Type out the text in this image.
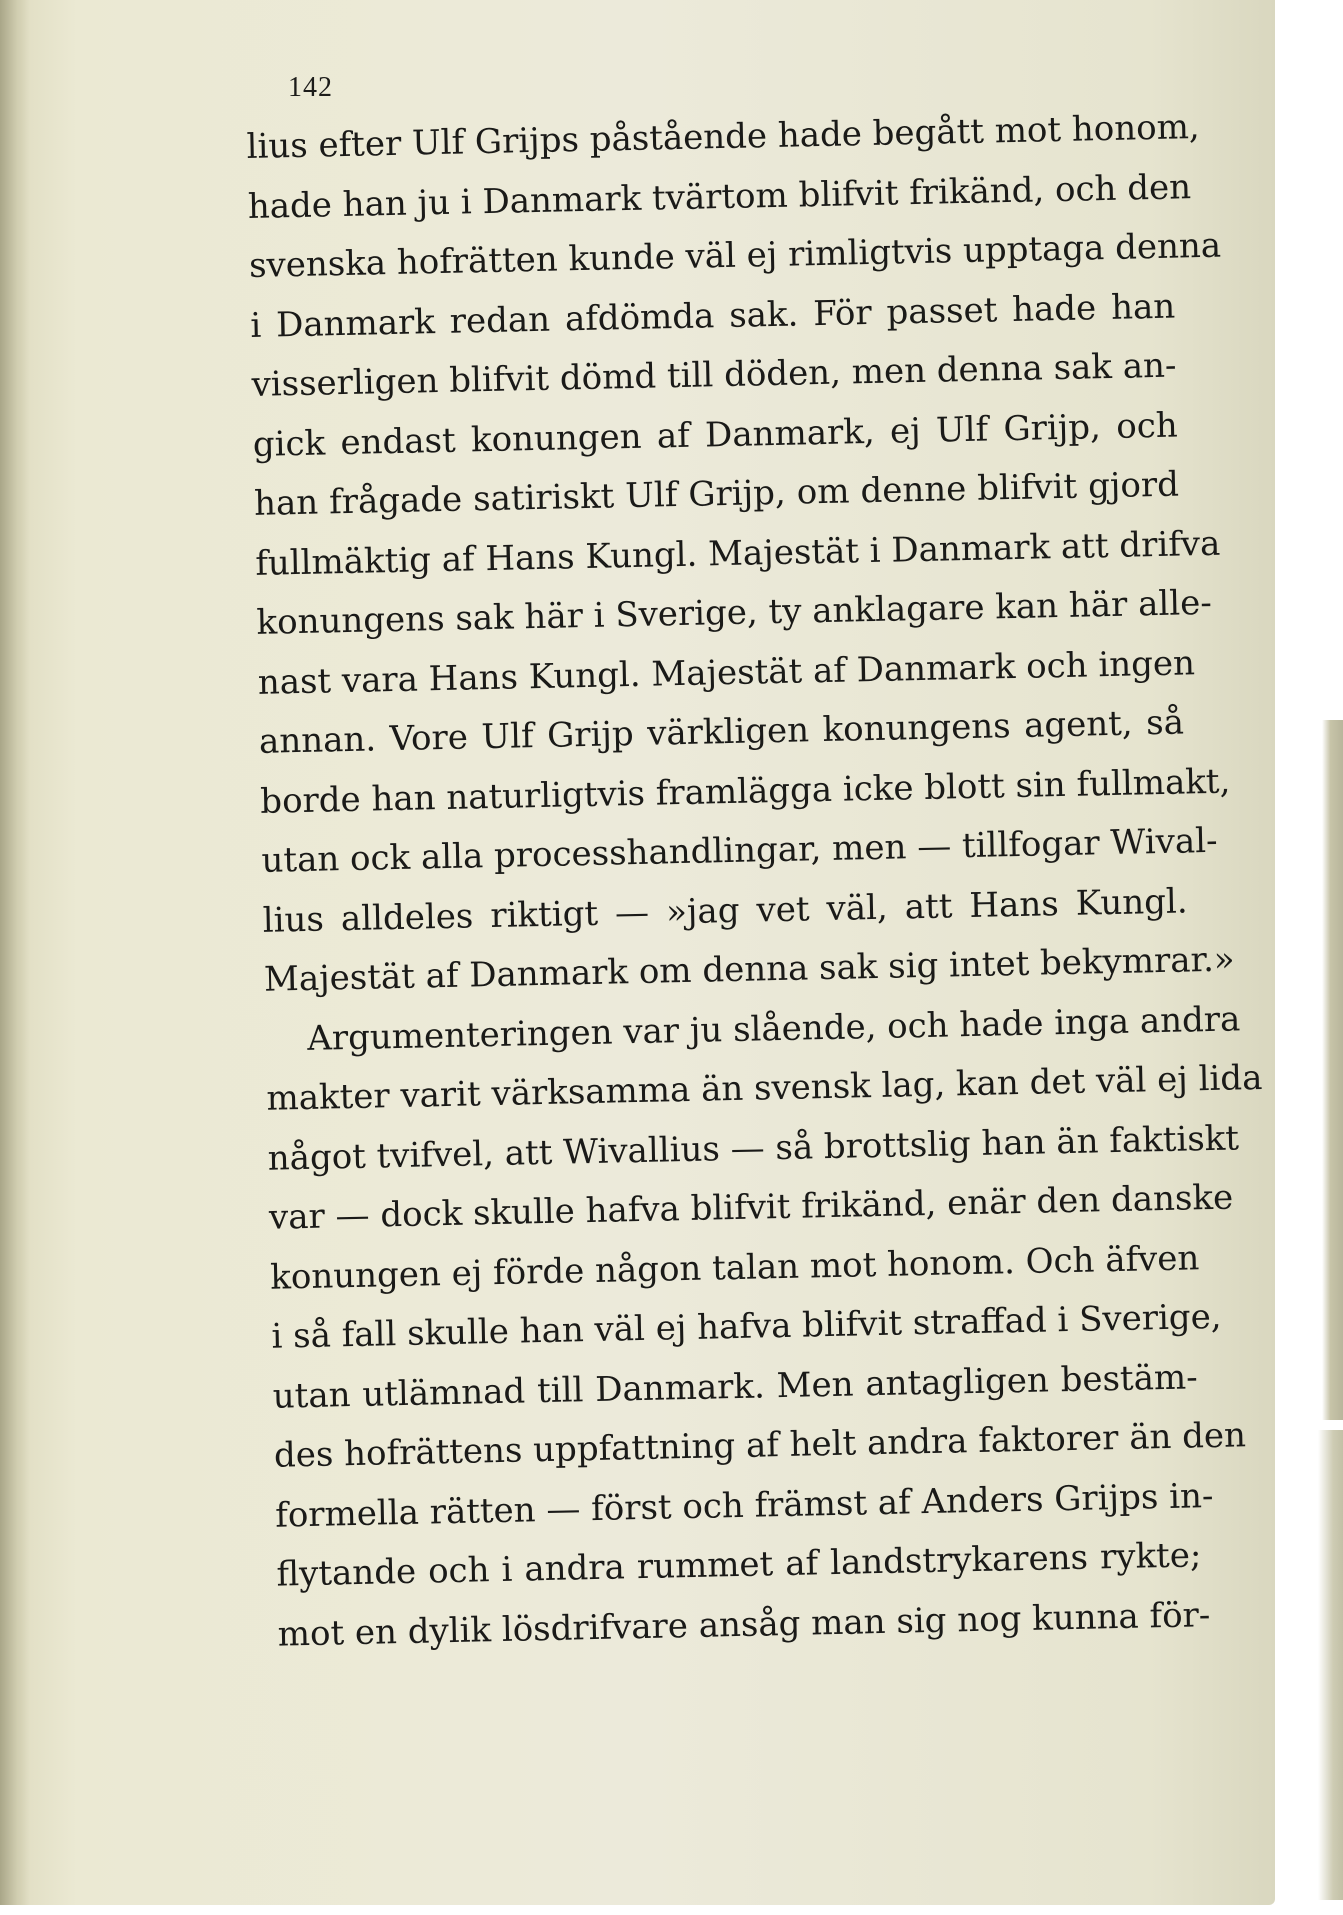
142
lius efter Ulf Grijps påstående hade begått mot honom,
hade han ju i Danmark tvärtom blifvit frikänd, och den
svenska hofrätten kunde väl ej rimligtvis upptaga denna
i Danmark redan afdömda sak. För passet hade han
visserligen blifvit dömd till döden, men denna sak an-
gick endast konungen af Danmark, ej Ulf Grijp, och
han frågade satiriskt Ulf Grijp, om denne blifvit gjord
fullmäktig af Hans Kungl. Majestät i Danmark att drifva
konungens sak här i Sverige, ty anklagare kan här alle-
nast vara Hans Kungl. Majestät af Danmark och ingen
annan. Vore Ulf Grijp värkligen konungens agent, så
borde han naturligtvis framlägga icke blott sin fullmakt,
utan ock alla processhandlingar, men — tillfogar Wival-
lius alldeles riktigt — »jag vet väl, att Hans Kungl.
Majestät af Danmark om denna sak sig intet bekymrar.»
Argumenteringen var ju slående, och hade inga andra
makter varit värksamma än svensk lag, kan det väl ej lida
något tvifvel, att Wivallius — så brottslig han än faktiskt
var — dock skulle hafva blifvit frikänd, enär den danske
konungen ej förde någon talan mot honom. Och äfven
i så fall skulle han väl ej hafva blifvit straffad i Sverige,
utan utlämnad till Danmark. Men antagligen bestäm-
des hofrättens uppfattning af helt andra faktorer än den
formella rätten — först och främst af Anders Grijps in-
flytande och i andra rummet af landstrykarens rykte;
mot en dylik lösdrifvare ansåg man sig nog kunna för-
